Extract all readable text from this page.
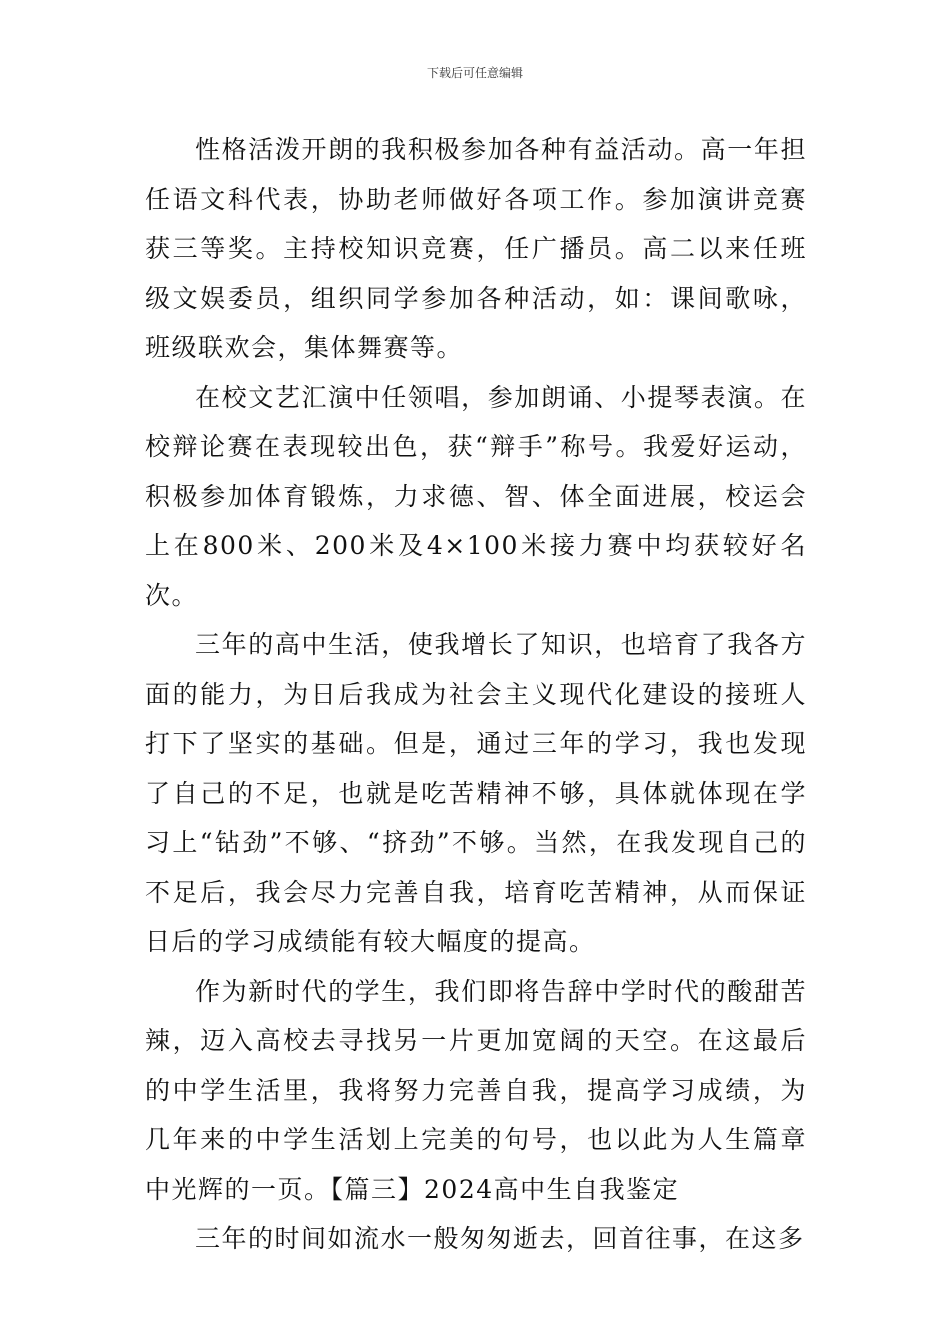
下载后可任意编辑

性格活泼开朗的我积极参加各种有益活动。高一年担任语文科代表，协助老师做好各项工作。参加演讲竞赛获三等奖。主持校知识竞赛，任广播员。高二以来任班级文娱委员，组织同学参加各种活动，如：课间歌咏，班级联欢会，集体舞赛等。

在校文艺汇演中任领唱，参加朗诵、小提琴表演。在校辩论赛在表现较出色，获“辩手”称号。我爱好运动，积极参加体育锻炼，力求德、智、体全面进展，校运会上在800米、200米及4×100米接力赛中均获较好名次。

三年的高中生活，使我增长了知识，也培育了我各方面的能力，为日后我成为社会主义现代化建设的接班人打下了坚实的基础。但是，通过三年的学习，我也发现了自己的不足，也就是吃苦精神不够，具体就体现在学习上“钻劲”不够、“挤劲”不够。当然，在我发现自己的不足后，我会尽力完善自我，培育吃苦精神，从而保证日后的学习成绩能有较大幅度的提高。

作为新时代的学生，我们即将告辞中学时代的酸甜苦辣，迈入高校去寻找另一片更加宽阔的天空。在这最后的中学生活里，我将努力完善自我，提高学习成绩，为几年来的中学生活划上完美的句号，也以此为人生篇章中光辉的一页。【篇三】2024高中生自我鉴定

三年的时间如流水一般匆匆逝去，回首往事，在这多
